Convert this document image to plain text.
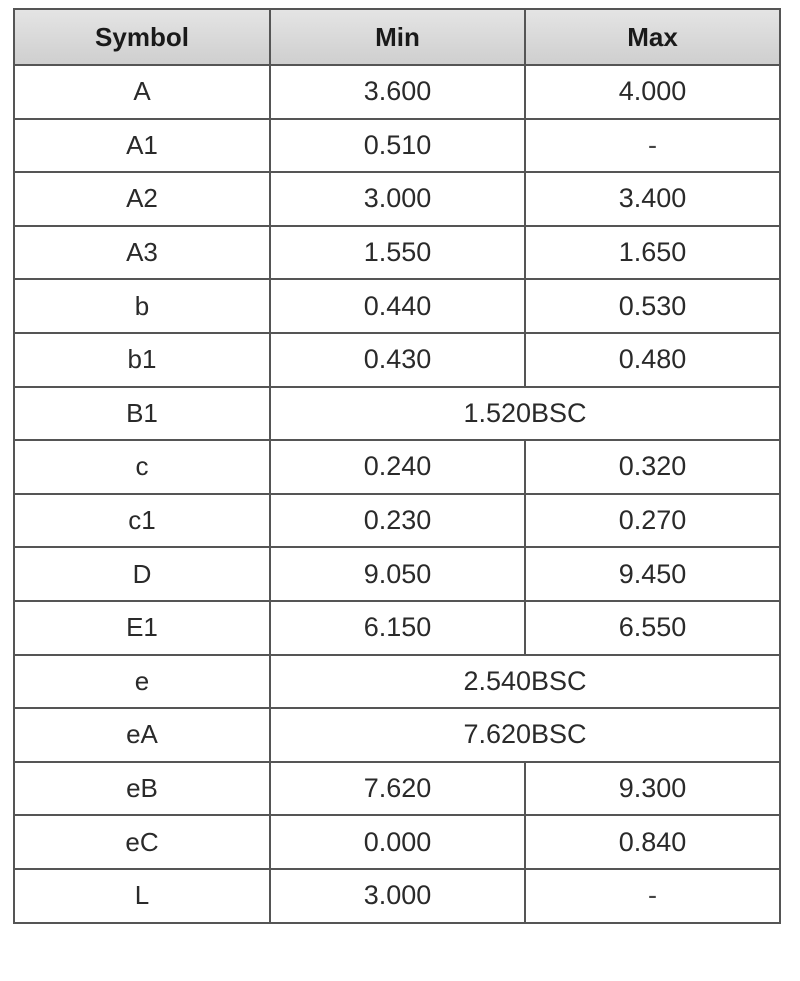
Symbol	Min	Max
A	3.600	4.000
A1	0.510	-
A2	3.000	3.400
A3	1.550	1.650
b	0.440	0.530
b1	0.430	0.480
B1	1.520BSC	
c	0.240	0.320
c1	0.230	0.270
D	9.050	9.450
E1	6.150	6.550
e	2.540BSC	
eA	7.620BSC	
eB	7.620	9.300
eC	0.000	0.840
L	3.000	-
